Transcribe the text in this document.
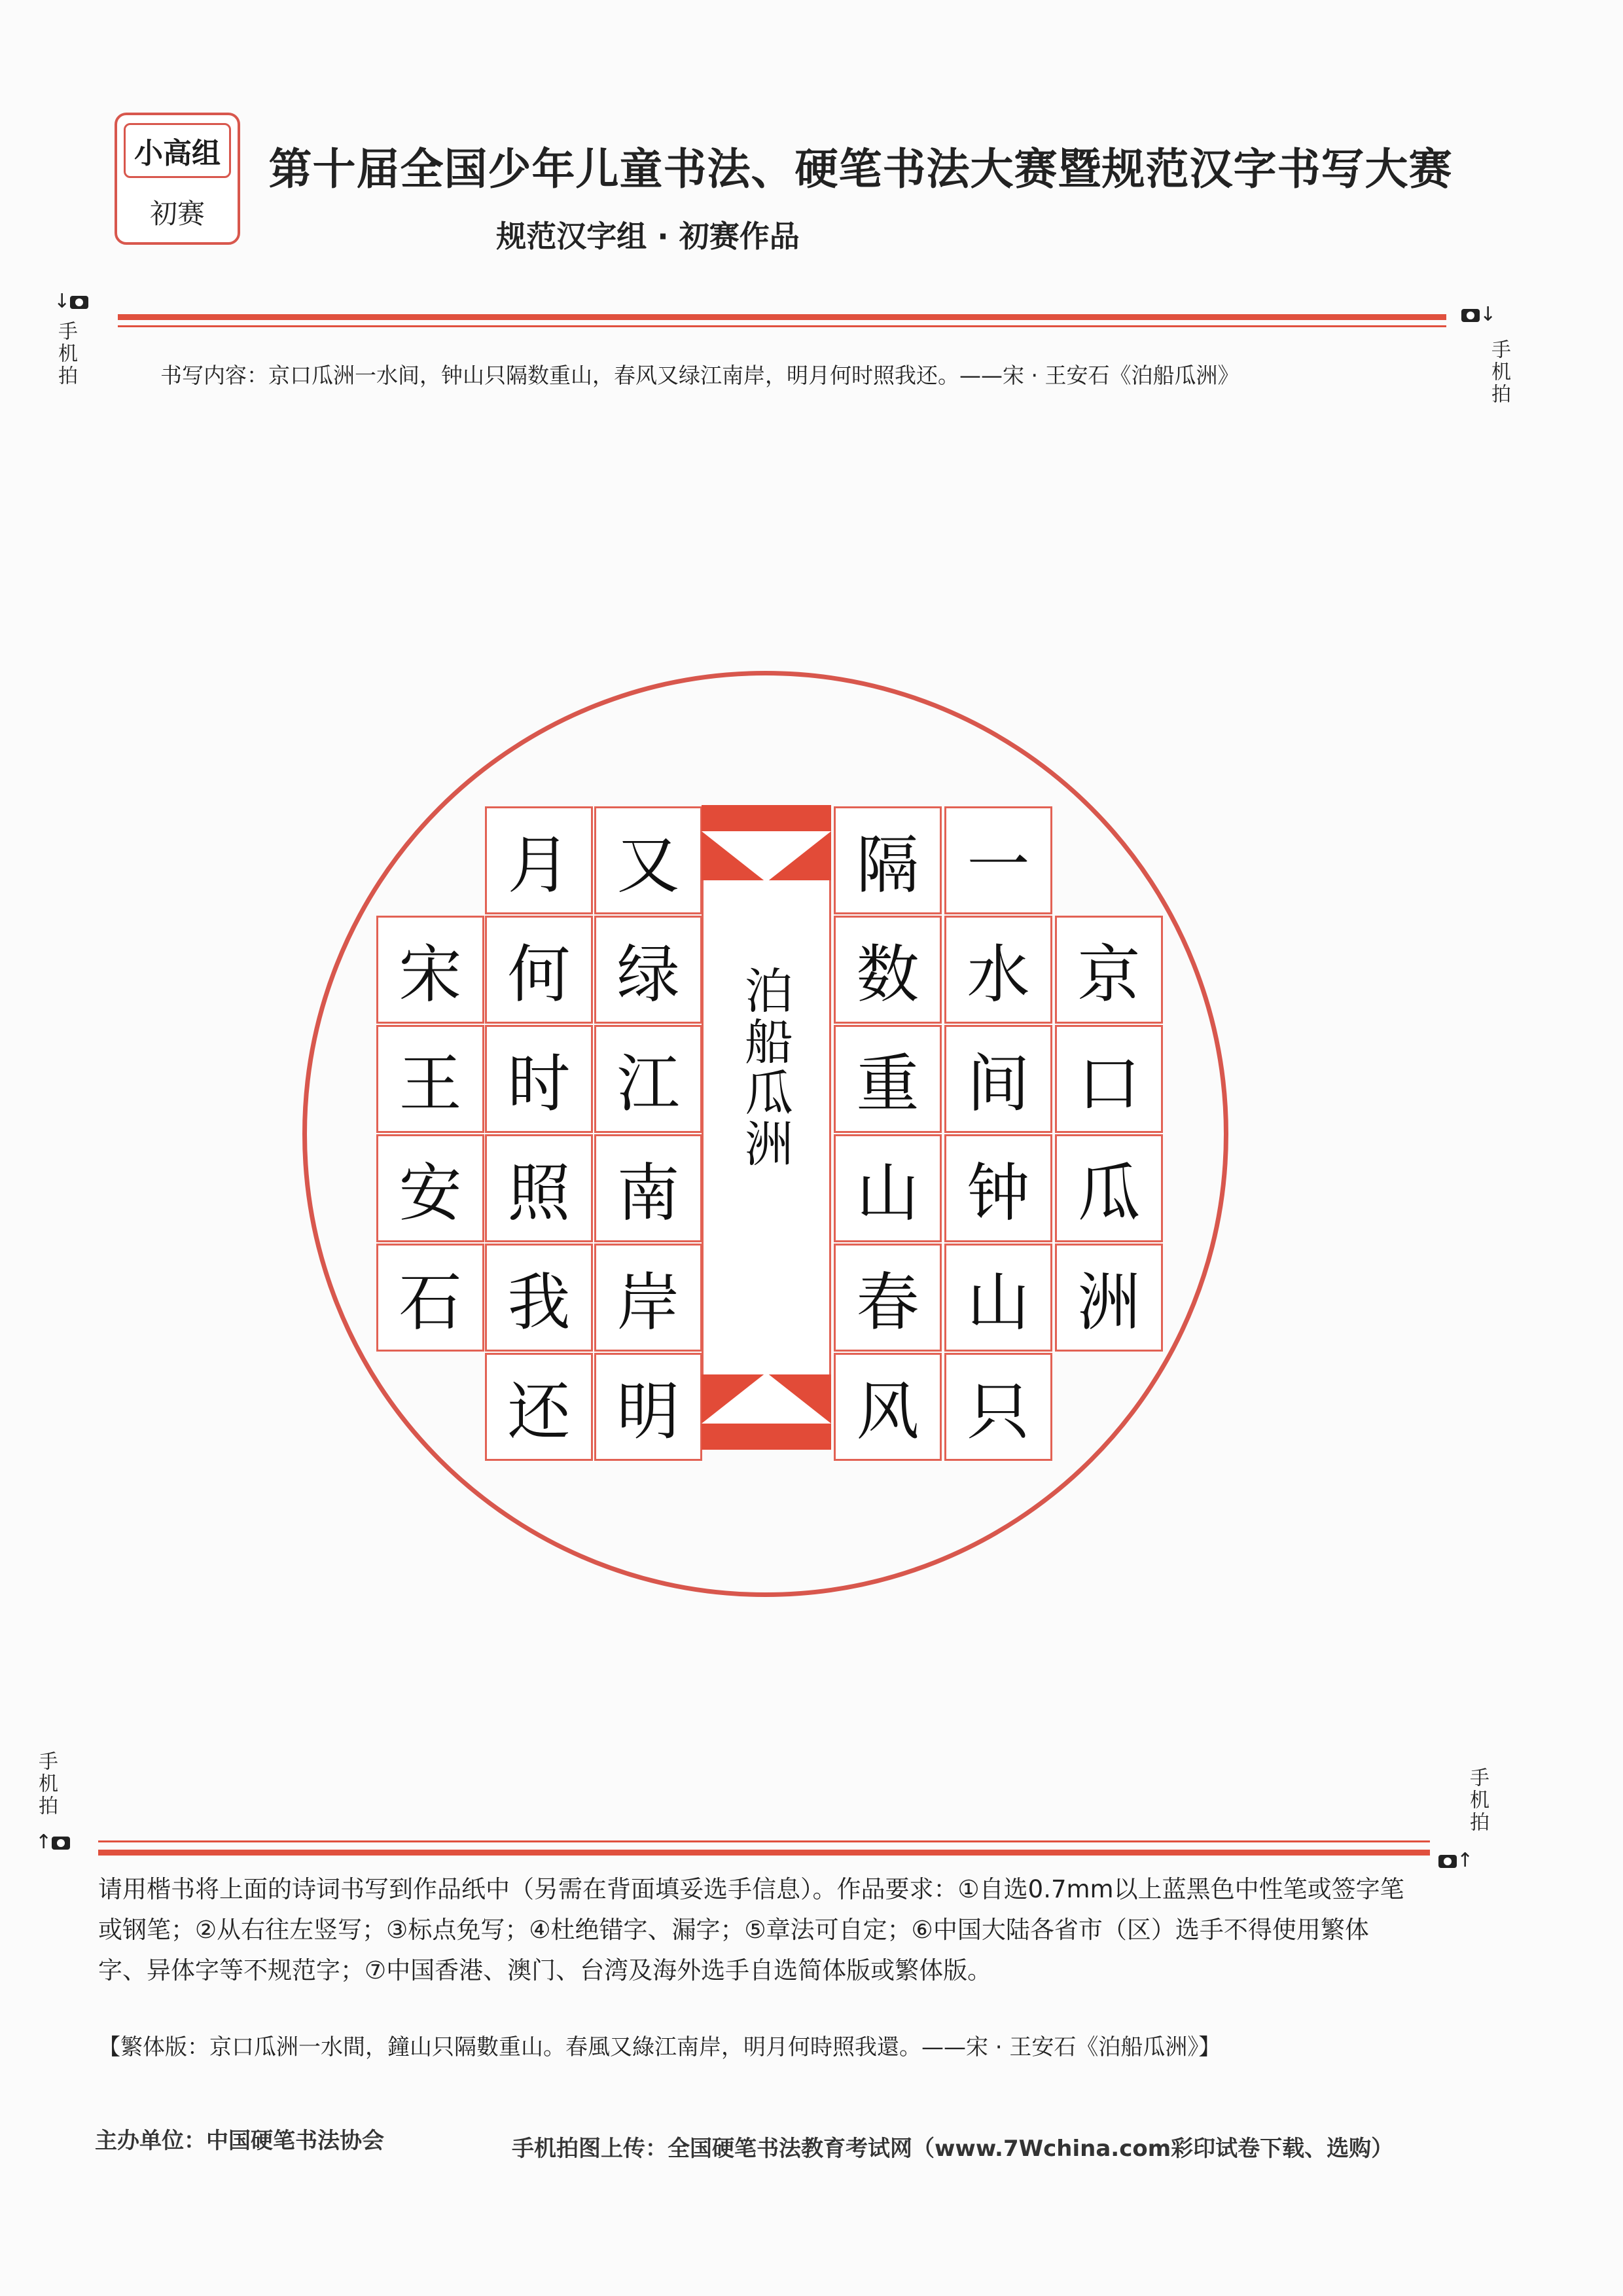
小高组
初赛
第十届全国少年儿童书法、硬笔书法大赛暨规范汉字书写大赛
规范汉字组 · 初赛作品
↓
手机拍
↓
手机拍
书写内容：京口瓜洲一水间，钟山只隔数重山，春风又绿江南岸，明月何时照我还。——宋 · 王安石《泊船瓜洲》
京
口
瓜
洲
一
水
间
钟
山
只
隔
数
重
山
春
风
又
绿
江
南
岸
明
月
何
时
照
我
还
宋
王
安
石
泊船瓜洲
手机拍
↑
手机拍
↑
请用楷书将上面的诗词书写到作品纸中（另需在背面填妥选手信息）。作品要求：①自选0.7mm以上蓝黑色中性笔或签字笔或钢笔；②从右往左竖写；③标点免写；④杜绝错字、漏字；⑤章法可自定；⑥中国大陆各省市（区）选手不得使用繁体字、异体字等不规范字；⑦中国香港、澳门、台湾及海外选手自选简体版或繁体版。
【繁体版：京口瓜洲一水間，鐘山只隔數重山。春風又綠江南岸，明月何時照我還。——宋 · 王安石《泊船瓜洲》】
主办单位：中国硬笔书法协会	手机拍图上传：全国硬笔书法教育考试网（www.7Wchina.com彩印试卷下载、选购）
